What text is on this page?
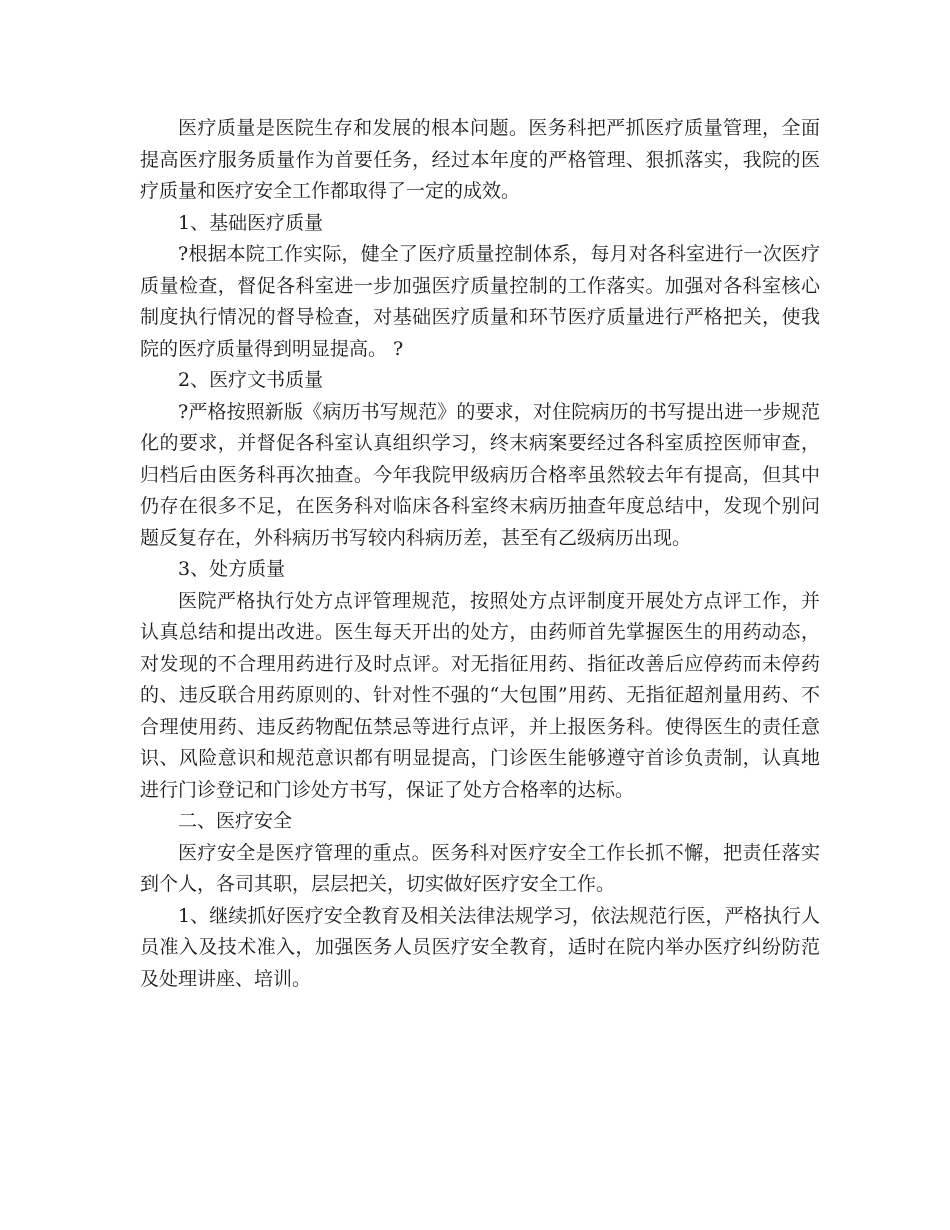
医疗质量是医院生存和发展的根本问题。医务科把严抓医疗质量管理，全面提高医疗服务质量作为首要任务，经过本年度的严格管理、狠抓落实，我院的医疗质量和医疗安全工作都取得了一定的成效。

1、基础医疗质量

?根据本院工作实际，健全了医疗质量控制体系，每月对各科室进行一次医疗质量检查，督促各科室进一步加强医疗质量控制的工作落实。加强对各科室核心制度执行情况的督导检查，对基础医疗质量和环节医疗质量进行严格把关，使我院的医疗质量得到明显提高。 ?

2、医疗文书质量

?严格按照新版《病历书写规范》的要求，对住院病历的书写提出进一步规范化的要求，并督促各科室认真组织学习，终末病案要经过各科室质控医师审查，归档后由医务科再次抽查。今年我院甲级病历合格率虽然较去年有提高，但其中仍存在很多不足，在医务科对临床各科室终末病历抽查年度总结中，发现个别问题反复存在，外科病历书写较内科病历差，甚至有乙级病历出现。

3、处方质量

医院严格执行处方点评管理规范，按照处方点评制度开展处方点评工作，并认真总结和提出改进。医生每天开出的处方，由药师首先掌握医生的用药动态，对发现的不合理用药进行及时点评。对无指征用药、指征改善后应停药而未停药的、违反联合用药原则的、针对性不强的“大包围”用药、无指征超剂量用药、不合理使用药、违反药物配伍禁忌等进行点评，并上报医务科。使得医生的责任意识、风险意识和规范意识都有明显提高，门诊医生能够遵守首诊负责制，认真地进行门诊登记和门诊处方书写，保证了处方合格率的达标。

二、医疗安全

医疗安全是医疗管理的重点。医务科对医疗安全工作长抓不懈，把责任落实到个人，各司其职，层层把关，切实做好医疗安全工作。

1、继续抓好医疗安全教育及相关法律法规学习，依法规范行医，严格执行人员准入及技术准入，加强医务人员医疗安全教育，适时在院内举办医疗纠纷防范及处理讲座、培训。
